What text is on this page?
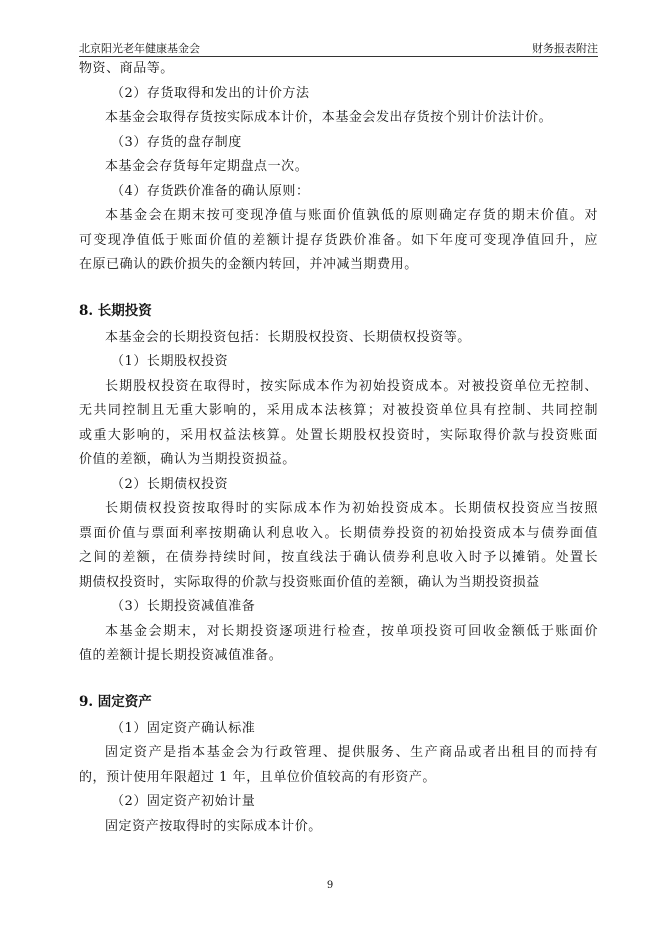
北京阳光老年健康基金会	财务报表附注
物资、商品等。
（2）存货取得和发出的计价方法
本基金会取得存货按实际成本计价，本基金会发出存货按个别计价法计价。
（3）存货的盘存制度
本基金会存货每年定期盘点一次。
（4）存货跌价准备的确认原则：
本基金会在期末按可变现净值与账面价值孰低的原则确定存货的期末价值。对
可变现净值低于账面价值的差额计提存货跌价准备。如下年度可变现净值回升，应
在原已确认的跌价损失的金额内转回，并冲减当期费用。
8. 长期投资
本基金会的长期投资包括：长期股权投资、长期债权投资等。
（1）长期股权投资
长期股权投资在取得时，按实际成本作为初始投资成本。对被投资单位无控制、
无共同控制且无重大影响的，采用成本法核算；对被投资单位具有控制、共同控制
或重大影响的，采用权益法核算。处置长期股权投资时，实际取得价款与投资账面
价值的差额，确认为当期投资损益。
（2）长期债权投资
长期债权投资按取得时的实际成本作为初始投资成本。长期债权投资应当按照
票面价值与票面利率按期确认利息收入。长期债券投资的初始投资成本与债券面值
之间的差额，在债券持续时间，按直线法于确认债券利息收入时予以摊销。处置长
期债权投资时，实际取得的价款与投资账面价值的差额，确认为当期投资损益
（3）长期投资减值准备
本基金会期末，对长期投资逐项进行检查，按单项投资可回收金额低于账面价
值的差额计提长期投资减值准备。
9. 固定资产
（1）固定资产确认标准
固定资产是指本基金会为行政管理、提供服务、生产商品或者出租目的而持有
的，预计使用年限超过 1 年，且单位价值较高的有形资产。
（2）固定资产初始计量
固定资产按取得时的实际成本计价。
9
